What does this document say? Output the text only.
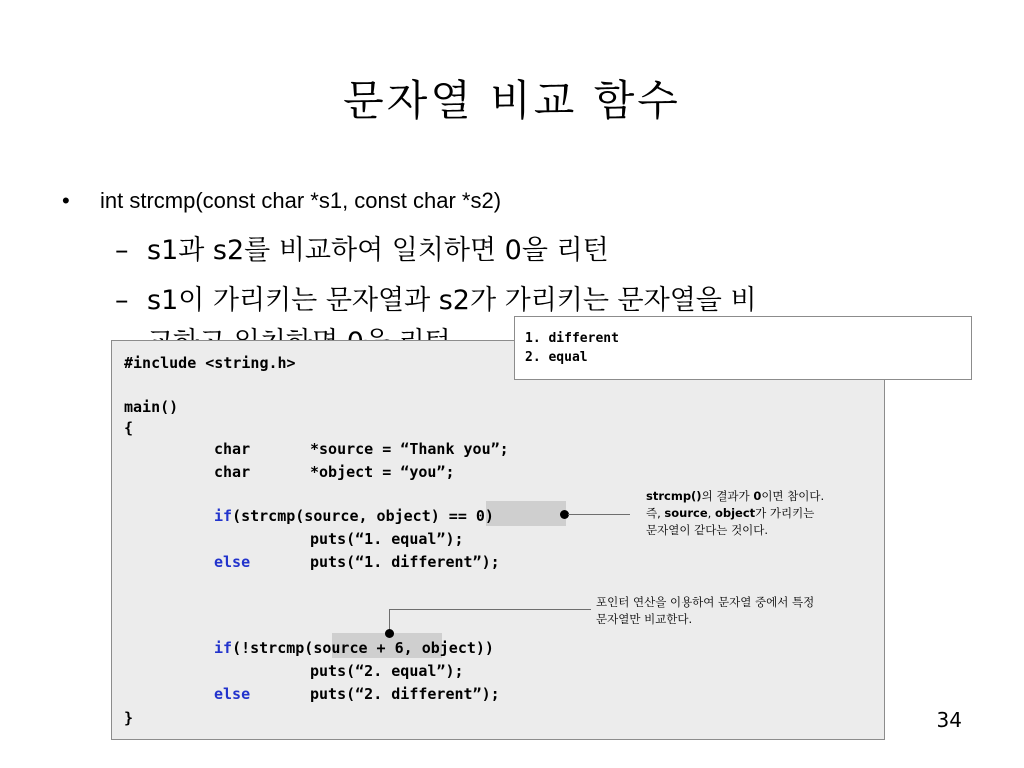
문자열 비교 함수
• int strcmp(const char *s1, const char *s2)
– s1과 s2를 비교하여 일치하면 0을 리턴
– s1이 가리키는 문자열과 s2가 가리키는 문자열을 비
#include <string.h>
main()
{
char	*source = “Thank you”;
char	*object = “you”;
if(strcmp(source, object) == 0)
puts(“1. equal”);
else	puts(“1. different”);
if(!strcmp(source + 6, object))
puts(“2. equal”);
else	puts(“2. different”);
}
1. different
2. equal
strcmp()의 결과가 0이면 참이다.
즉, source, object가 가리키는
문자열이 같다는 것이다.
포인터 연산을 이용하여 문자열 중에서 특정
문자열만 비교한다.
34
